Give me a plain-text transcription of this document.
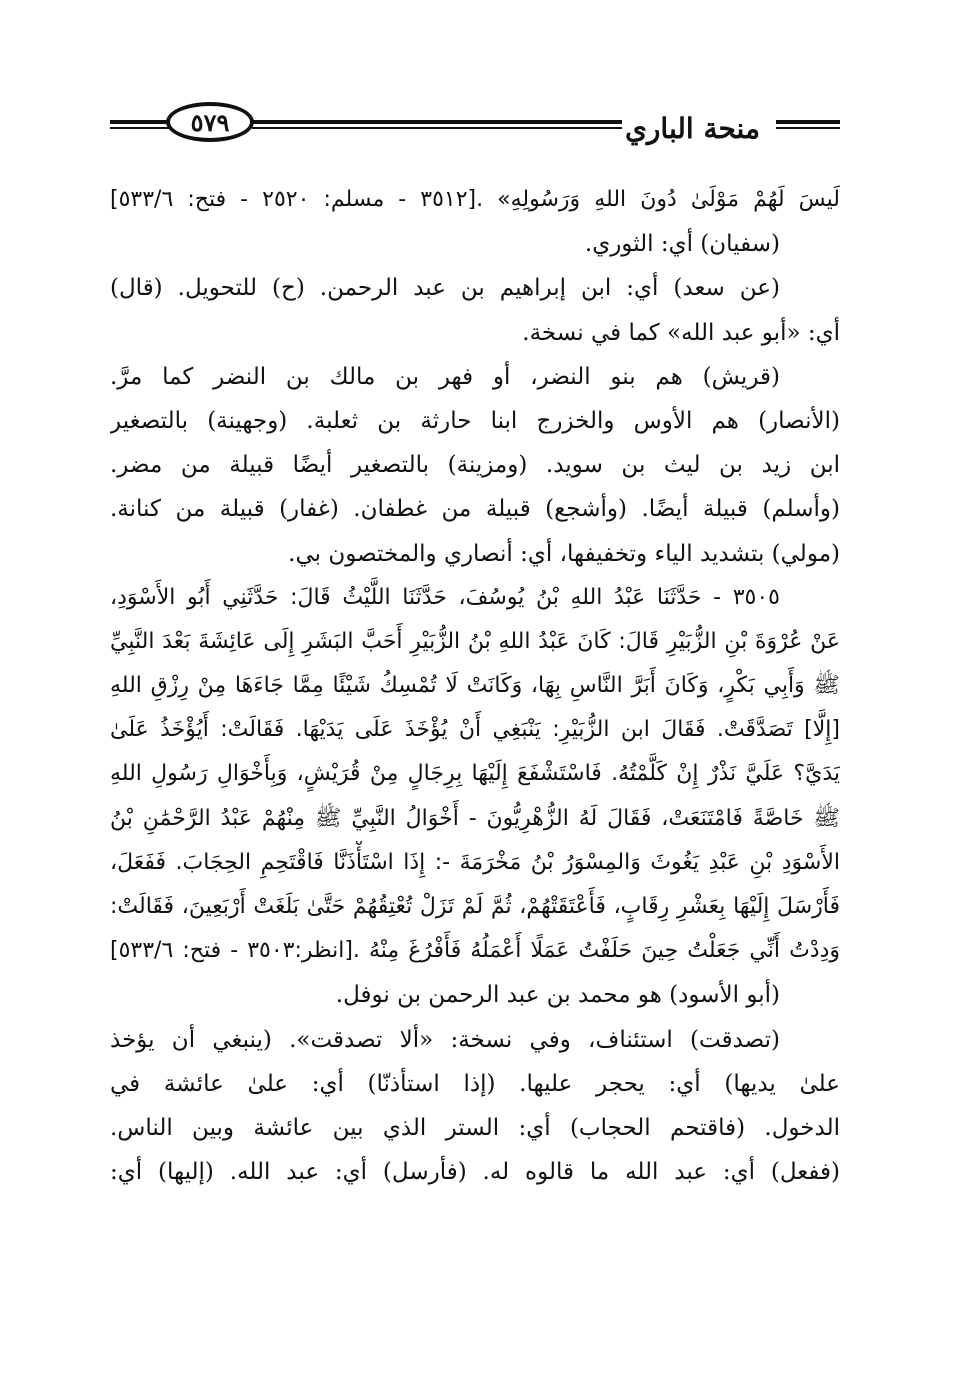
منحة الباري
٥٧٩
لَيسَ لَهُمْ مَوْلَىٰ دُونَ اللهِ وَرَسُولِهِ» .[٣٥١٢ - مسلم: ٢٥٢٠ - فتح: ٥٣٣/٦]
(سفيان) أي: الثوري.
(عن سعد) أي: ابن إبراهيم بن عبد الرحمن. (ح) للتحويل. (قال)
أي: «أبو عبد الله» كما في نسخة.
(قريش) هم بنو النضر، أو فهر بن مالك بن النضر كما مرَّ.
(الأنصار) هم الأوس والخزرج ابنا حارثة بن ثعلبة. (وجهينة) بالتصغير
ابن زيد بن ليث بن سويد. (ومزينة) بالتصغير أيضًا قبيلة من مضر.
(وأسلم) قبيلة أيضًا. (وأشجع) قبيلة من غطفان. (غفار) قبيلة من كنانة.
(مولي) بتشديد الياء وتخفيفها، أي: أنصاري والمختصون بي.
٣٥٠٥ - حَدَّثَنَا عَبْدُ اللهِ بْنُ يُوسُفَ، حَدَّثَنَا اللَّيْثُ قَالَ: حَدَّثَنِي أَبُو الأَسْوَدِ،
عَنْ عُرْوَةَ بْنِ الزُّبَيْرِ قَالَ: كَانَ عَبْدُ اللهِ بْنُ الزُّبَيْرِ أَحَبَّ البَشَرِ إِلَى عَائِشَةَ بَعْدَ النَّبِيِّ
ﷺ وَأَبِي بَكْرٍ، وَكَانَ أَبَرَّ النَّاسِ بِهَا، وَكَانَتْ لَا تُمْسِكُ شَيْئًا مِمَّا جَاءَهَا مِنْ رِزْقِ اللهِ
[إِلَّا] تَصَدَّقَتْ. فَقَالَ ابن الزُّبَيْرِ: يَنْبَغِي أَنْ يُؤْخَذَ عَلَى يَدَيْهَا. فَقَالَتْ: أَيُؤْخَذُ عَلَىٰ
يَدَيَّ؟ عَلَيَّ نَذْرٌ إِنْ كَلَّمْتُهُ. فَاسْتَشْفَعَ إِلَيْهَا بِرِجَالٍ مِنْ قُرَيْشٍ، وَبِأَخْوَالِ رَسُولِ اللهِ
ﷺ خَاصَّةً فَامْتَنَعَتْ، فَقَالَ لَهُ الزُّهْرِيُّونَ - أَخْوَالُ النَّبِيِّ ﷺ مِنْهُمْ عَبْدُ الرَّحْمَٰنِ بْنُ
الأَسْوَدِ بْنِ عَبْدِ يَغُوثَ وَالمِسْوَرُ بْنُ مَخْرَمَةَ -: إِذَا اسْتَأْذَنَّا فَاقْتَحِمِ الحِجَابَ. فَفَعَلَ،
فَأَرْسَلَ إِلَيْهَا بِعَشْرِ رِقَابٍ، فَأَعْتَقَتْهُمْ، ثُمَّ لَمْ تَزَلْ تُعْتِقُهُمْ حَتَّىٰ بَلَغَتْ أَرْبَعِينَ، فَقَالَتْ:
وَدِدْتُ أَنِّي جَعَلْتُ حِينَ حَلَفْتُ عَمَلًا أَعْمَلُهُ فَأَفْرُغَ مِنْهُ .[انظر:٣٥٠٣ - فتح: ٥٣٣/٦]
(أبو الأسود) هو محمد بن عبد الرحمن بن نوفل.
(تصدقت) استئناف، وفي نسخة: «ألا تصدقت». (ينبغي أن يؤخذ
علىٰ يديها) أي: يحجر عليها. (إذا استأذنّا) أي: علىٰ عائشة في
الدخول. (فاقتحم الحجاب) أي: الستر الذي بين عائشة وبين الناس.
(ففعل) أي: عبد الله ما قالوه له. (فأرسل) أي: عبد الله. (إليها) أي:
